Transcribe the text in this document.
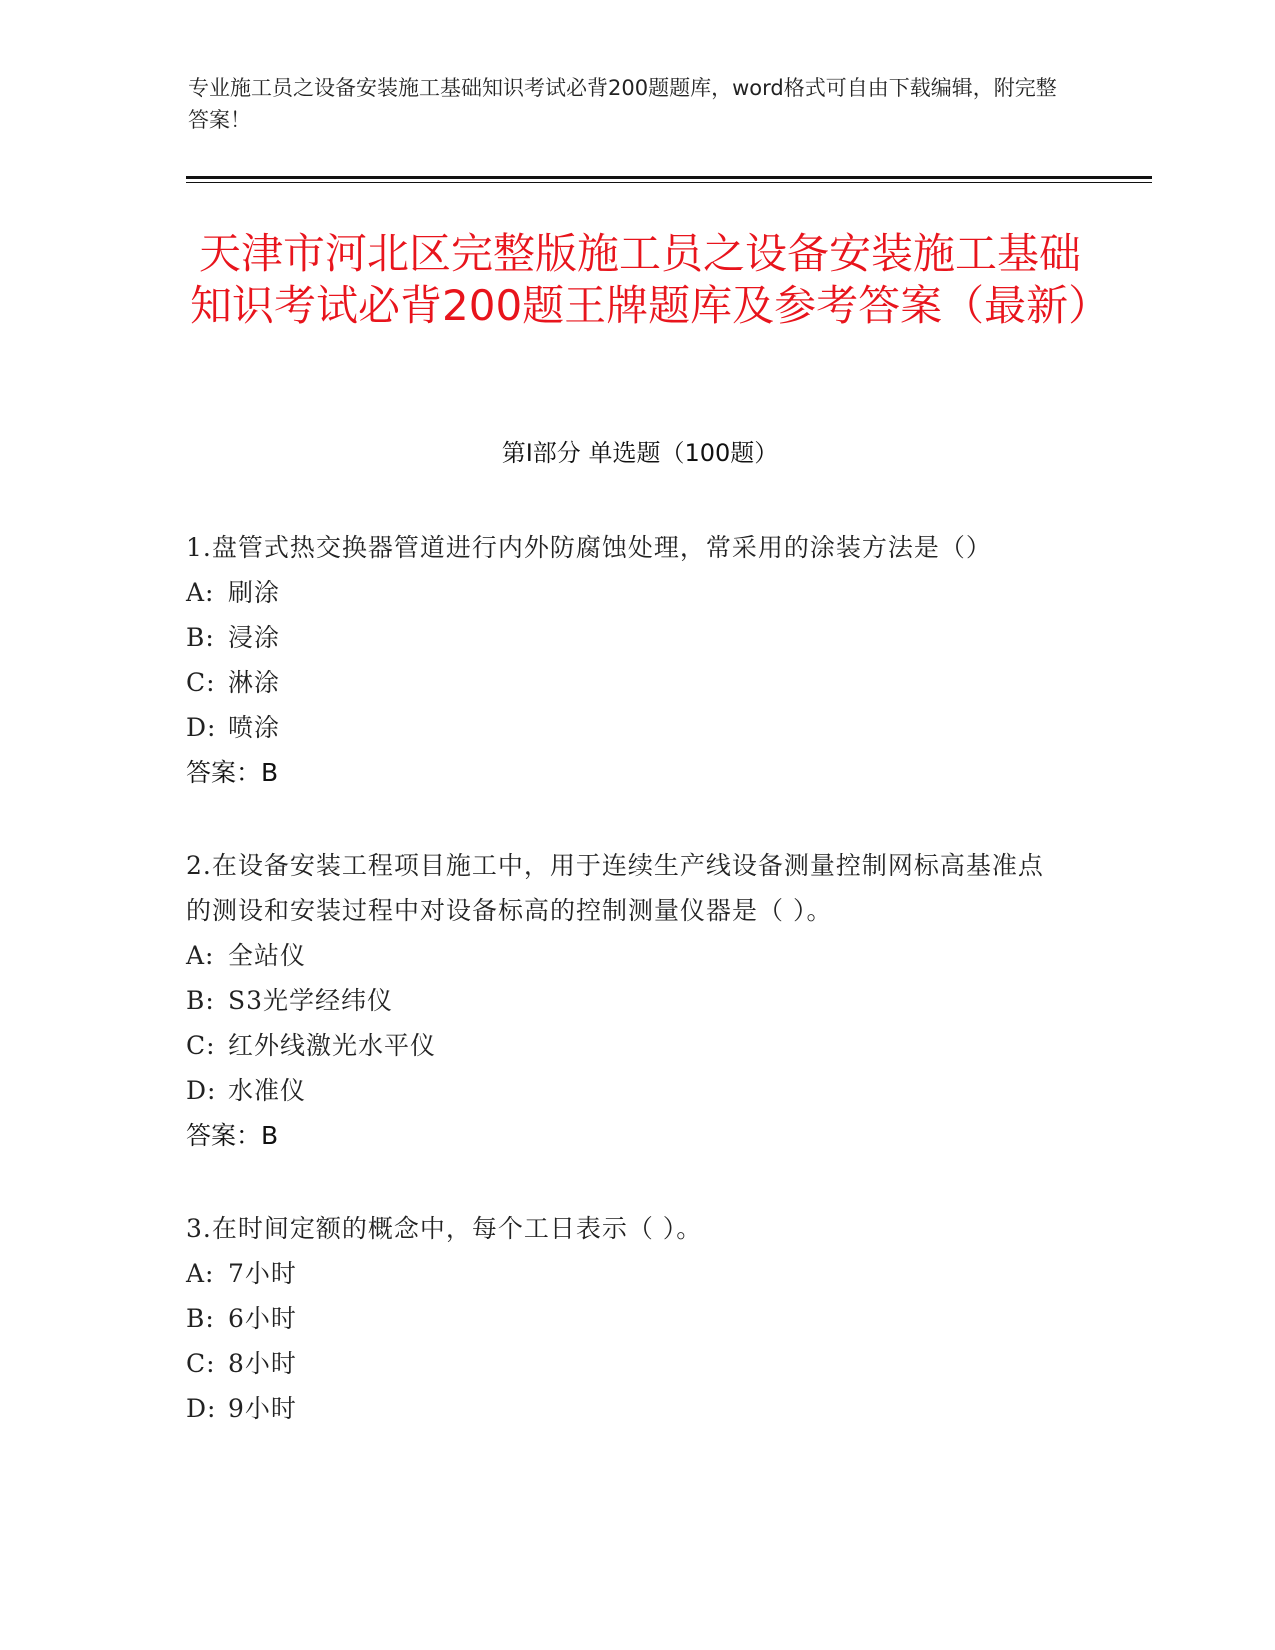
专业施工员之设备安装施工基础知识考试必背200题题库，word格式可自由下载编辑，附完整答案！
天津市河北区完整版施工员之设备安装施工基础知识考试必背200题王牌题库及参考答案（最新）
第I部分 单选题（100题）
1.盘管式热交换器管道进行内外防腐蚀处理，常采用的涂装方法是（）
A: 刷涂
B: 浸涂
C: 淋涂
D: 喷涂
答案：B
2.在设备安装工程项目施工中，用于连续生产线设备测量控制网标高基准点的测设和安装过程中对设备标高的控制测量仪器是（ ）。
A: 全站仪
B: S3光学经纬仪
C: 红外线激光水平仪
D: 水准仪
答案：B
3.在时间定额的概念中，每个工日表示（ ）。
A: 7小时
B: 6小时
C: 8小时
D: 9小时
